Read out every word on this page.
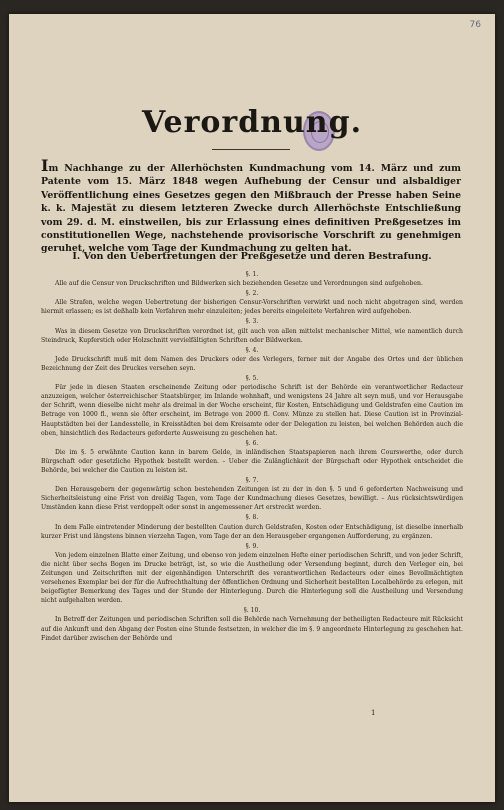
76
Verordnung.
Im Nachhange zu der Allerhöchsten Kundmachung vom 14. März und zum Patente vom 15. März 1848 wegen Aufhebung der Censur und alsbaldiger Veröffentlichung eines Gesetzes gegen den Mißbrauch der Presse haben Seine k. k. Majestät zu diesem letzteren Zwecke durch Allerhöchste Entschließung vom 29. d. M. einstweilen, bis zur Erlassung eines definitiven Preßgesetzes im constitutionellen Wege, nachstehende provisorische Vorschrift zu genehmigen geruhet, welche vom Tage der Kundmachung zu gelten hat.
I. Von den Uebertretungen der Preßgesetze und deren Bestrafung.
§. 1.
Alle auf die Censur von Druckschriften und Bildwerken sich beziehenden Gesetze und Verordnungen sind aufgehoben.
§. 2.
Alle Strafen, welche wegen Uebertretung der bisherigen Censur-Vorschriften verwirkt und noch nicht abgetragen sind, werden hiermit erlassen; es ist deßhalb kein Verfahren mehr einzuleiten; jedes bereits eingeleitete Verfahren wird aufgehoben.
§. 3.
Was in diesem Gesetze von Druckschriften verordnet ist, gilt auch von allen mittelst mechanischer Mittel, wie namentlich durch Steindruck, Kupferstich oder Holzschnitt vervielfältigten Schriften oder Bildwerken.
§. 4.
Jede Druckschrift muß mit dem Namen des Druckers oder des Verlegers, ferner mit der Angabe des Ortes und der üblichen Bezeichnung der Zeit des Druckes versehen seyn.
§. 5.
Für jede in diesen Staaten erscheinende Zeitung oder periodische Schrift ist der Behörde ein verantwortlicher Redacteur anzuzeigen, welcher österreichischer Staatsbürger, im Inlande wohnhaft, und wenigstens 24 Jahre alt seyn muß, und vor Herausgabe der Schrift, wenn dieselbe nicht mehr als dreimal in der Woche erscheint, für Kosten, Entschädigung und Geldstrafen eine Caution im Betrage von 1000 fl., wenn sie öfter erscheint, im Betrage von 2000 fl. Conv. Münze zu stellen hat. Diese Caution ist in Provinzial-Hauptstädten bei der Landesstelle, in Kreisstädten bei dem Kreisamte oder der Delegation zu leisten, bei welchen Behörden auch die oben, hinsichtlich des Redacteurs geforderte Ausweisung zu geschehen hat.
§. 6.
Die im §. 5 erwähnte Caution kann in barem Gelde, in inländischen Staatspapieren nach ihrem Courswerthe, oder durch Bürgschaft oder gesetzliche Hypothek bestellt werden. – Ueber die Zulänglichkeit der Bürgschaft oder Hypothek entscheidet die Behörde, bei welcher die Caution zu leisten ist.
§. 7.
Den Herausgebern der gegenwärtig schon bestehenden Zeitungen ist zu der in den §. 5 und 6 geforderten Nachweisung und Sicherheitsleistung eine Frist von dreißig Tagen, vom Tage der Kundmachung dieses Gesetzes, bewilligt. – Aus rücksichtswürdigen Umständen kann diese Frist verdoppelt oder sonst in angemessener Art erstreckt werden.
§. 8.
In dem Falle eintretender Minderung der bestellten Caution durch Geldstrafen, Kosten oder Entschädigung, ist dieselbe innerhalb kurzer Frist und längstens binnen vierzehn Tagen, vom Tage der an den Herausgeber ergangenen Aufforderung, zu ergänzen.
§. 9.
Von jedem einzelnen Blatte einer Zeitung, und ebenso von jedem einzelnen Hefte einer periodischen Schrift, und von jeder Schrift, die nicht über sechs Bogen im Drucke beträgt, ist, so wie die Austheilung oder Versendung beginnt, durch den Verleger ein, bei Zeitungen und Zeitschriften mit der eigenhändigen Unterschrift des verantwortlichen Redacteurs oder eines Bevollmächtigten versehenes Exemplar bei der für die Aufrechthaltung der öffentlichen Ordnung und Sicherheit bestellten Localbehörde zu erlegen, mit beigefügter Bemerkung des Tages und der Stunde der Hinterlegung. Durch die Hinterlegung soll die Austheilung und Versendung nicht aufgehalten werden.
§. 10.
In Betreff der Zeitungen und periodischen Schriften soll die Behörde nach Vernehmung der betheiligten Redacteure mit Rücksicht auf die Ankunft und den Abgang der Posten eine Stunde festsetzen, in welcher die im §. 9 angeordnete Hinterlegung zu geschehen hat. Findet darüber zwischen der Behörde und
1
